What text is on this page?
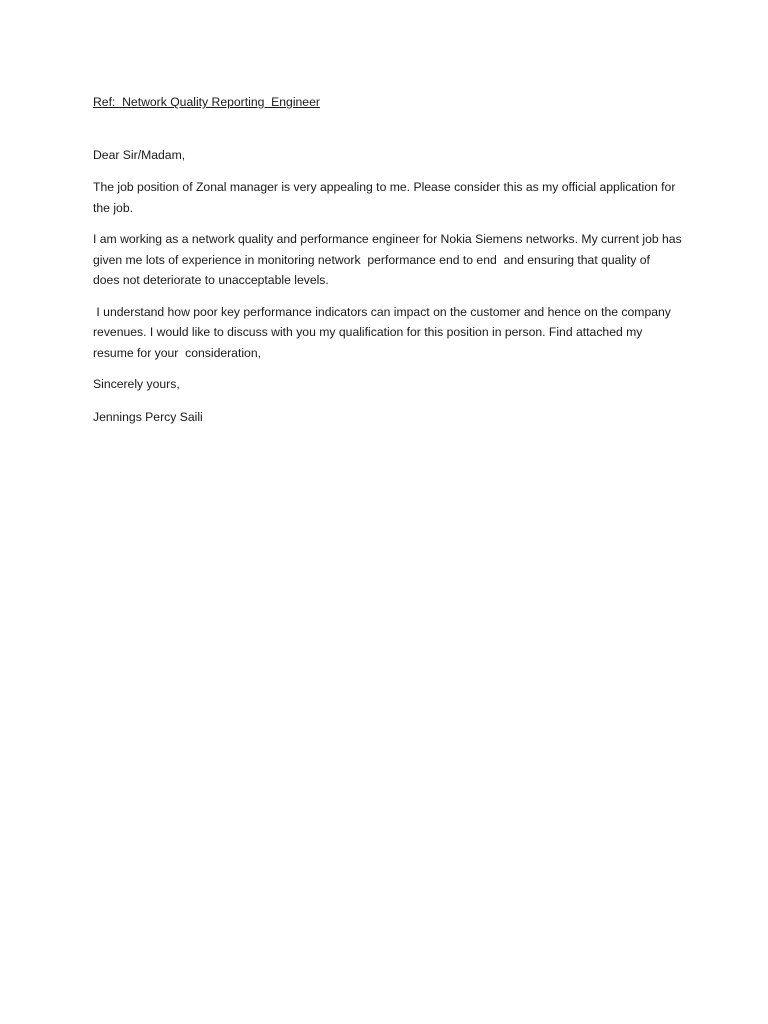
Ref:  Network Quality Reporting  Engineer

Dear Sir/Madam,

The job position of Zonal manager is very appealing to me. Please consider this as my official application for the job.

I am working as a network quality and performance engineer for Nokia Siemens networks. My current job has  given me lots of experience in monitoring network  performance end to end  and ensuring that quality of  does not deteriorate to unacceptable levels.

I understand how poor key performance indicators can impact on the customer and hence on the company revenues. I would like to discuss with you my qualification for this position in person. Find attached my resume for your  consideration,

Sincerely yours,

Jennings Percy Saili
